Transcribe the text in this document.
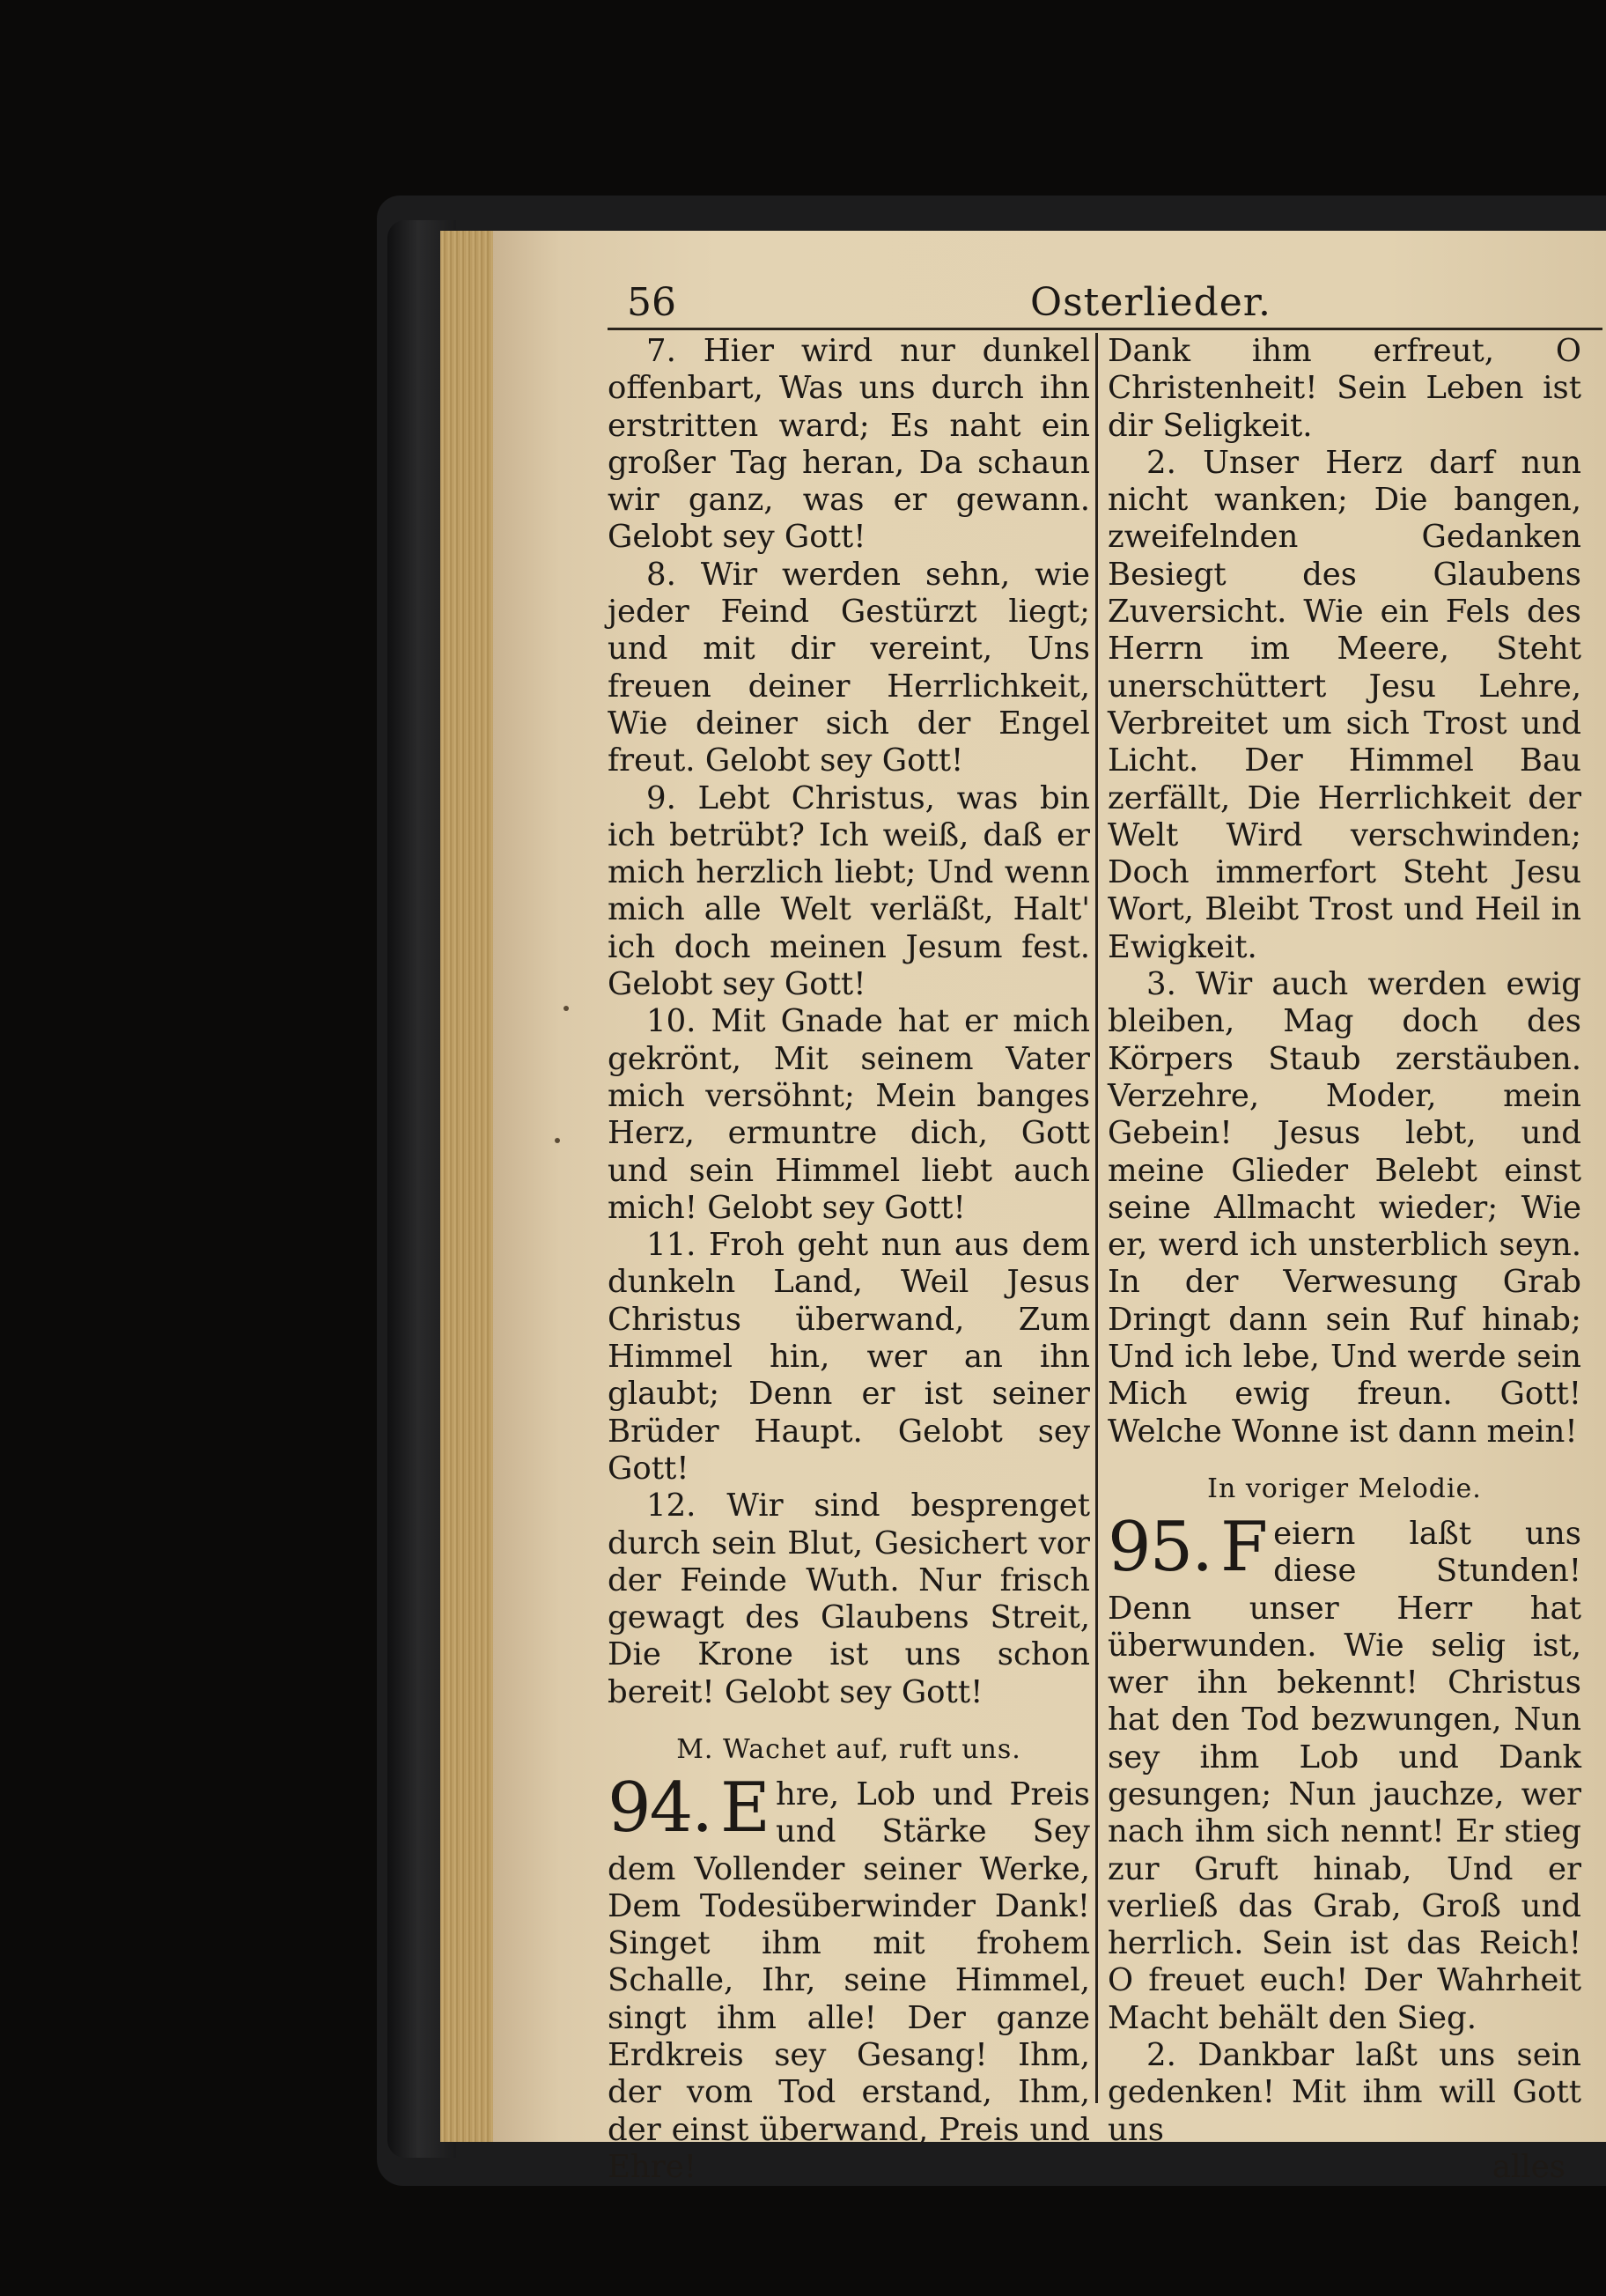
56	Osterlieder.

7. Hier wird nur dunkel offenbart, Was uns durch ihn erstritten ward; Es naht ein großer Tag heran, Da schaun wir ganz, was er gewann. Gelobt sey Gott!

8. Wir werden sehn, wie jeder Feind Gestürzt liegt; und mit dir vereint, Uns freuen deiner Herrlichkeit, Wie deiner sich der Engel freut. Gelobt sey Gott!

9. Lebt Christus, was bin ich betrübt? Ich weiß, daß er mich herzlich liebt; Und wenn mich alle Welt verläßt, Halt' ich doch meinen Jesum fest. Gelobt sey Gott!

10. Mit Gnade hat er mich gekrönt, Mit seinem Vater mich versöhnt; Mein banges Herz, ermuntre dich, Gott und sein Himmel liebt auch mich! Gelobt sey Gott!

11. Froh geht nun aus dem dunkeln Land, Weil Jesus Christus überwand, Zum Himmel hin, wer an ihn glaubt; Denn er ist seiner Brüder Haupt. Gelobt sey Gott!

12. Wir sind besprenget durch sein Blut, Gesichert vor der Feinde Wuth. Nur frisch gewagt des Glaubens Streit, Die Krone ist uns schon bereit! Gelobt sey Gott!

M. Wachet auf, ruft uns.
94. E hre, Lob und Preis und Stärke Sey dem Vollender seiner Werke, Dem Todesüberwinder Dank! Singet ihm mit frohem Schalle, Ihr, seine Himmel, singt ihm alle! Der ganze Erdkreis sey Gesang! Ihm, der vom Tod erstand, Ihm, der einst überwand, Preis und Ehre!

Dank ihm erfreut, O Christenheit! Sein Leben ist dir Seligkeit.

2. Unser Herz darf nun nicht wanken; Die bangen, zweifelnden Gedanken Besiegt des Glaubens Zuversicht. Wie ein Fels des Herrn im Meere, Steht unerschüttert Jesu Lehre, Verbreitet um sich Trost und Licht. Der Himmel Bau zerfällt, Die Herrlichkeit der Welt Wird verschwinden; Doch immerfort Steht Jesu Wort, Bleibt Trost und Heil in Ewigkeit.

3. Wir auch werden ewig bleiben, Mag doch des Körpers Staub zerstäuben. Verzehre, Moder, mein Gebein! Jesus lebt, und meine Glieder Belebt einst seine Allmacht wieder; Wie er, werd ich unsterblich seyn. In der Verwesung Grab Dringt dann sein Ruf hinab; Und ich lebe, Und werde sein Mich ewig freun. Gott! Welche Wonne ist dann mein!

In voriger Melodie.
95. F eiern laßt uns diese Stunden! Denn unser Herr hat überwunden. Wie selig ist, wer ihn bekennt! Christus hat den Tod bezwungen, Nun sey ihm Lob und Dank gesungen; Nun jauchze, wer nach ihm sich nennt! Er stieg zur Gruft hinab, Und er verließ das Grab, Groß und herrlich. Sein ist das Reich! O freuet euch! Der Wahrheit Macht behält den Sieg.

2. Dankbar laßt uns sein gedenken! Mit ihm will Gott uns

alles
